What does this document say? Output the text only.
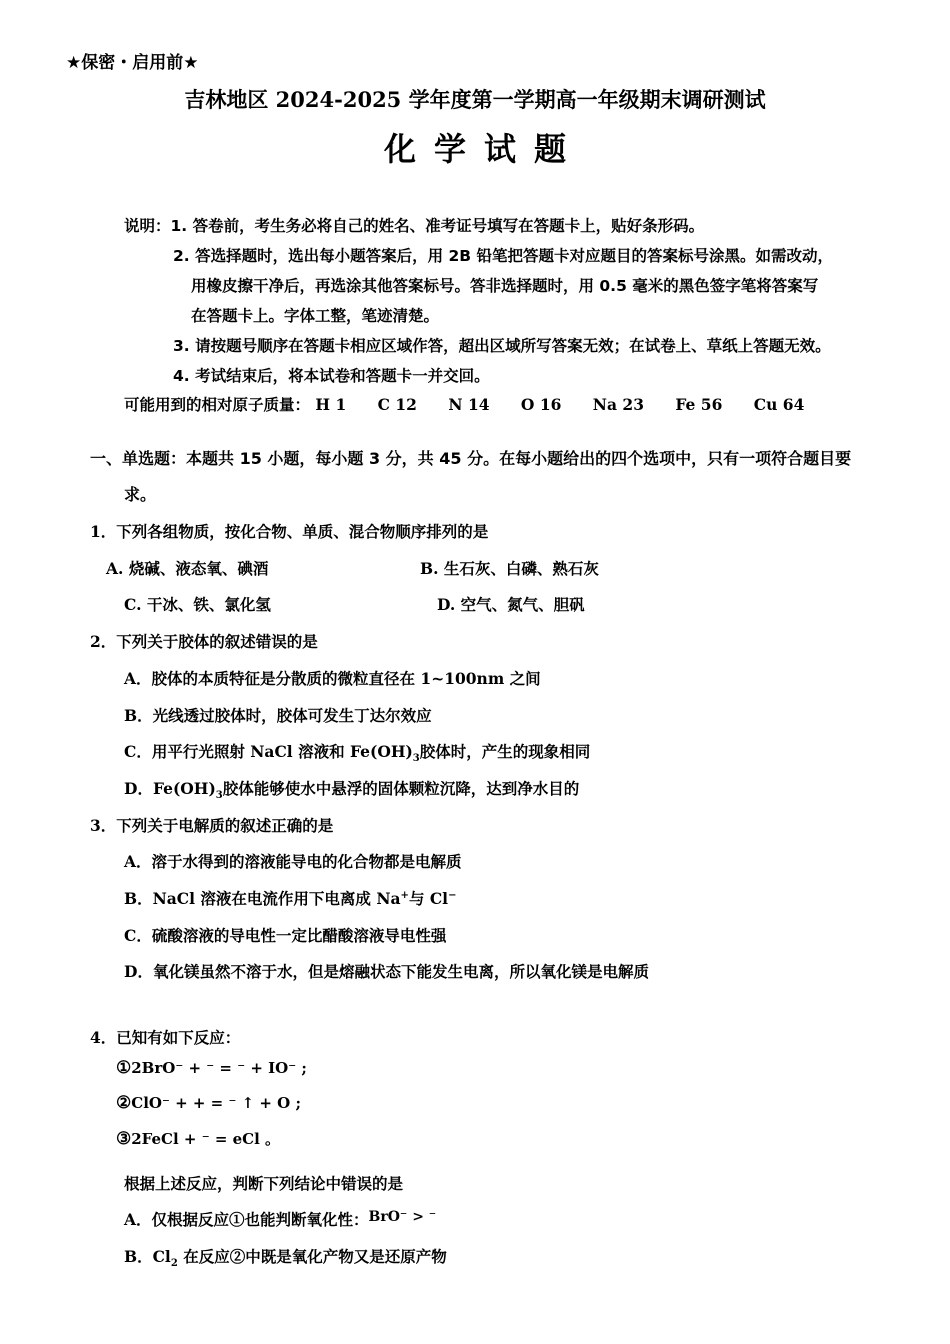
★保密・启用前★
吉林地区 2024-2025 学年度第一学期高一年级期末调研测试
化学试题
说明：1. 答卷前，考生务必将自己的姓名、准考证号填写在答题卡上，贴好条形码。
2. 答选择题时，选出每小题答案后，用 2B 铅笔把答题卡对应题目的答案标号涂黑。如需改动，
用橡皮擦干净后，再选涂其他答案标号。答非选择题时，用 0.5 毫米的黑色签字笔将答案写
在答题卡上。字体工整，笔迹清楚。
3. 请按题号顺序在答题卡相应区域作答，超出区域所写答案无效；在试卷上、草纸上答题无效。
4. 考试结束后，将本试卷和答题卡一并交回。
可能用到的相对原子质量： H 1 C 12 N 14 O 16 Na 23 Fe 56 Cu 64
一、单选题：本题共 15 小题，每小题 3 分，共 45 分。在每小题给出的四个选项中，只有一项符合题目要
求。
1．下列各组物质，按化合物、单质、混合物顺序排列的是
A. 烧碱、液态氧、碘酒	B. 生石灰、白磷、熟石灰
C. 干冰、铁、氯化氢	D. 空气、氮气、胆矾
2．下列关于胶体的叙述错误的是
A．胶体的本质特征是分散质的微粒直径在 1~100nm 之间
B．光线透过胶体时，胶体可发生丁达尔效应
C．用平行光照射 NaCl 溶液和 $Fe(OH)_3$胶体时，产生的现象相同
D．$Fe(OH)_3$胶体能够使水中悬浮的固体颗粒沉降，达到净水目的
3．下列关于电解质的叙述正确的是
A．溶于水得到的溶液能导电的化合物都是电解质
B．NaCl 溶液在电流作用下电离成 Na+与 Cl−
C．硫酸溶液的导电性一定比醋酸溶液导电性强
D．氧化镁虽然不溶于水，但是熔融状态下能发生电离，所以氧化镁是电解质
4．已知有如下反应：
①2BrO⁻ + ⁻ = ⁻ + IO⁻ ;
②ClO⁻ + + = ⁻ ↑ + O ;
③2FeCl + ⁻ = eCl 。
根据上述反应，判断下列结论中错误的是
A．仅根据反应①也能判断氧化性：BrO⁻ > ⁻
B．$Cl_2$ 在反应②中既是氧化产物又是还原产物
